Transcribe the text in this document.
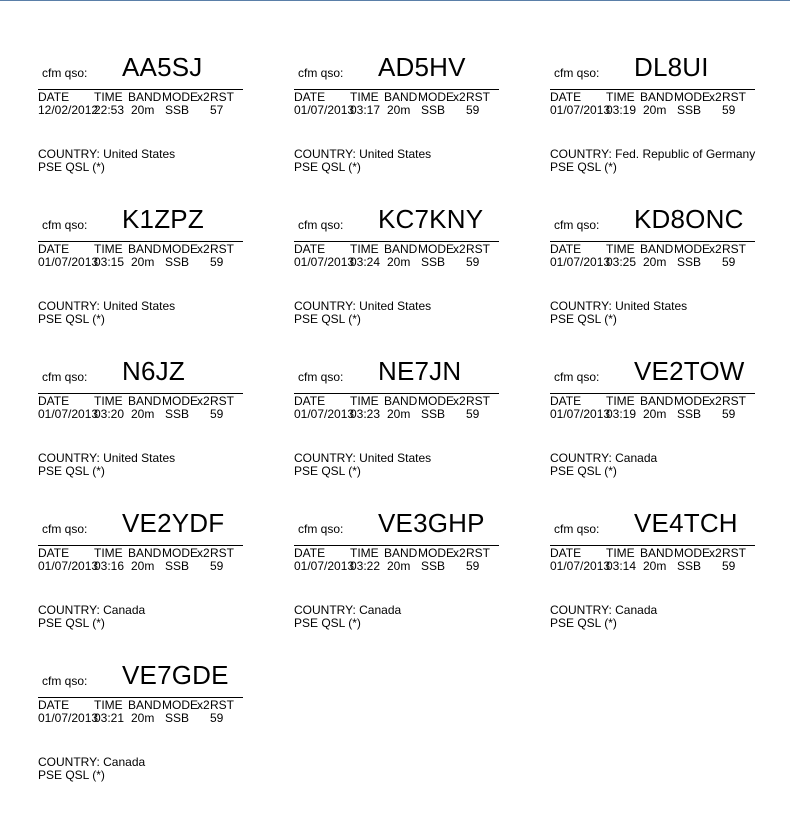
cfm qso: AA5SJ
DATE TIME BAND MODE x2 RST
12/02/2012
22:53 20m SSB 57
COUNTRY: United States
PSE QSL (*)
cfm qso: AD5HV
DATE TIME BAND MODE x2 RST
01/07/2013
03:17 20m SSB 59
COUNTRY: United States
PSE QSL (*)
cfm qso: DL8UI
DATE TIME BAND MODE x2 RST
01/07/2013
03:19 20m SSB 59
COUNTRY: Fed. Republic of Germany
PSE QSL (*)
cfm qso: K1ZPZ
DATE TIME BAND MODE x2 RST
01/07/2013
03:15 20m SSB 59
COUNTRY: United States
PSE QSL (*)
cfm qso: KC7KNY
DATE TIME BAND MODE x2 RST
01/07/2013
03:24 20m SSB 59
COUNTRY: United States
PSE QSL (*)
cfm qso: KD8ONC
DATE TIME BAND MODE x2 RST
01/07/2013
03:25 20m SSB 59
COUNTRY: United States
PSE QSL (*)
cfm qso: N6JZ
DATE TIME BAND MODE x2 RST
01/07/2013
03:20 20m SSB 59
COUNTRY: United States
PSE QSL (*)
cfm qso: NE7JN
DATE TIME BAND MODE x2 RST
01/07/2013
03:23 20m SSB 59
COUNTRY: United States
PSE QSL (*)
cfm qso: VE2TOW
DATE TIME BAND MODE x2 RST
01/07/2013
03:19 20m SSB 59
COUNTRY: Canada
PSE QSL (*)
cfm qso: VE2YDF
DATE TIME BAND MODE x2 RST
01/07/2013
03:16 20m SSB 59
COUNTRY: Canada
PSE QSL (*)
cfm qso: VE3GHP
DATE TIME BAND MODE x2 RST
01/07/2013
03:22 20m SSB 59
COUNTRY: Canada
PSE QSL (*)
cfm qso: VE4TCH
DATE TIME BAND MODE x2 RST
01/07/2013
03:14 20m SSB 59
COUNTRY: Canada
PSE QSL (*)
cfm qso: VE7GDE
DATE TIME BAND MODE x2 RST
01/07/2013
03:21 20m SSB 59
COUNTRY: Canada
PSE QSL (*)
